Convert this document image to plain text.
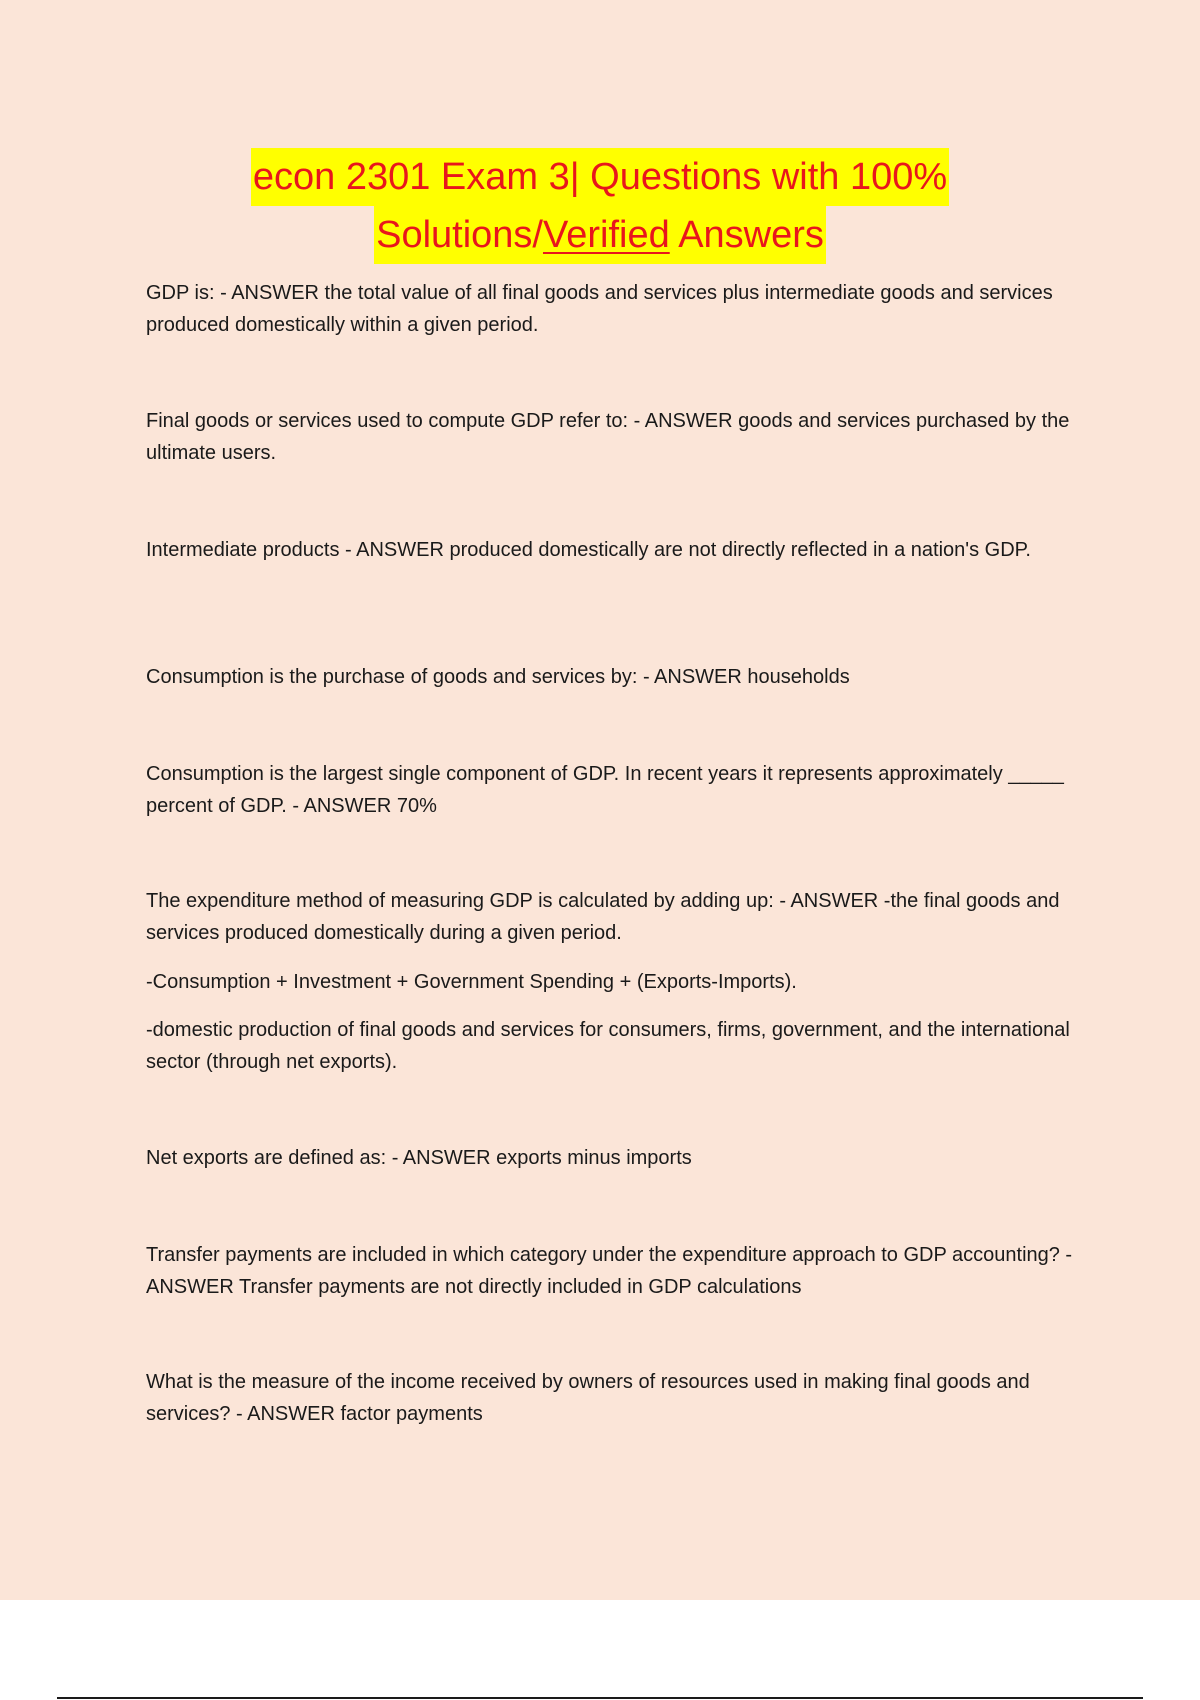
econ 2301 Exam 3| Questions with 100%
Solutions/Verified Answers

GDP is: - ANSWER the total value of all final goods and services plus intermediate goods and services produced domestically within a given period.

Final goods or services used to compute GDP refer to: - ANSWER goods and services purchased by the ultimate users.

Intermediate products - ANSWER produced domestically are not directly reflected in a nation's GDP.

Consumption is the purchase of goods and services by: - ANSWER households

Consumption is the largest single component of GDP. In recent years it represents approximately _____ percent of GDP. - ANSWER 70%

The expenditure method of measuring GDP is calculated by adding up: - ANSWER -the final goods and services produced domestically during a given period.

-Consumption + Investment + Government Spending + (Exports-Imports).

-domestic production of final goods and services for consumers, firms, government, and the international sector (through net exports).

Net exports are defined as: - ANSWER exports minus imports

Transfer payments are included in which category under the expenditure approach to GDP accounting? - ANSWER Transfer payments are not directly included in GDP calculations

What is the measure of the income received by owners of resources used in making final goods and services? - ANSWER factor payments
